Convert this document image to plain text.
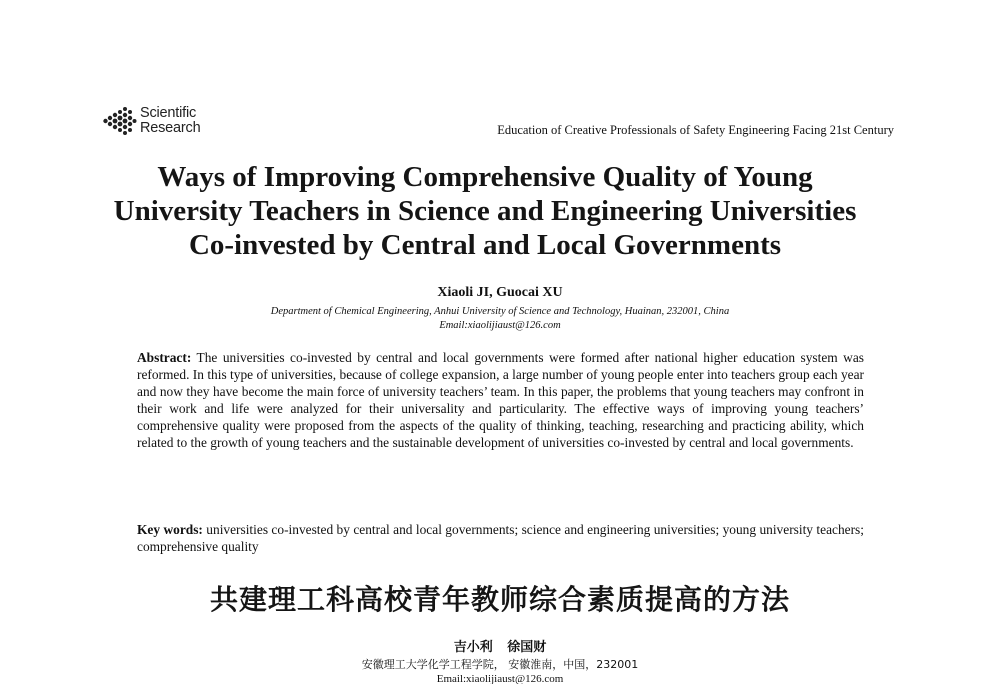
Scientific
Research	Education of Creative Professionals of Safety Engineering Facing 21st Century
Ways of Improving Comprehensive Quality of Young
University Teachers in Science and Engineering Universities
Co-invested by Central and Local Governments
Xiaoli JI, Guocai XU
Department of Chemical Engineering, Anhui University of Science and Technology, Huainan, 232001, China
Email:xiaolijiaust@126.com

Abstract: The universities co-invested by central and local governments were formed after national higher education system was reformed. In this type of universities, because of college expansion, a large number of young people enter into teachers group each year and now they have become the main force of university teachers’ team. In this paper, the problems that young teachers may confront in their work and life were analyzed for their universality and particularity. The effective ways of improving young teachers’ comprehensive quality were proposed from the aspects of the quality of thinking, teaching, researching and practicing ability, which related to the growth of young teachers and the sustainable development of universities co-invested by central and local governments.

Key words: universities co-invested by central and local governments; science and engineering universities; young university teachers; comprehensive quality

共建理工科高校青年教师综合素质提高的方法
吉小利 徐国财
安徽理工大学化学工程学院， 安徽淮南，中国，232001
Email:xiaolijiaust@126.com
